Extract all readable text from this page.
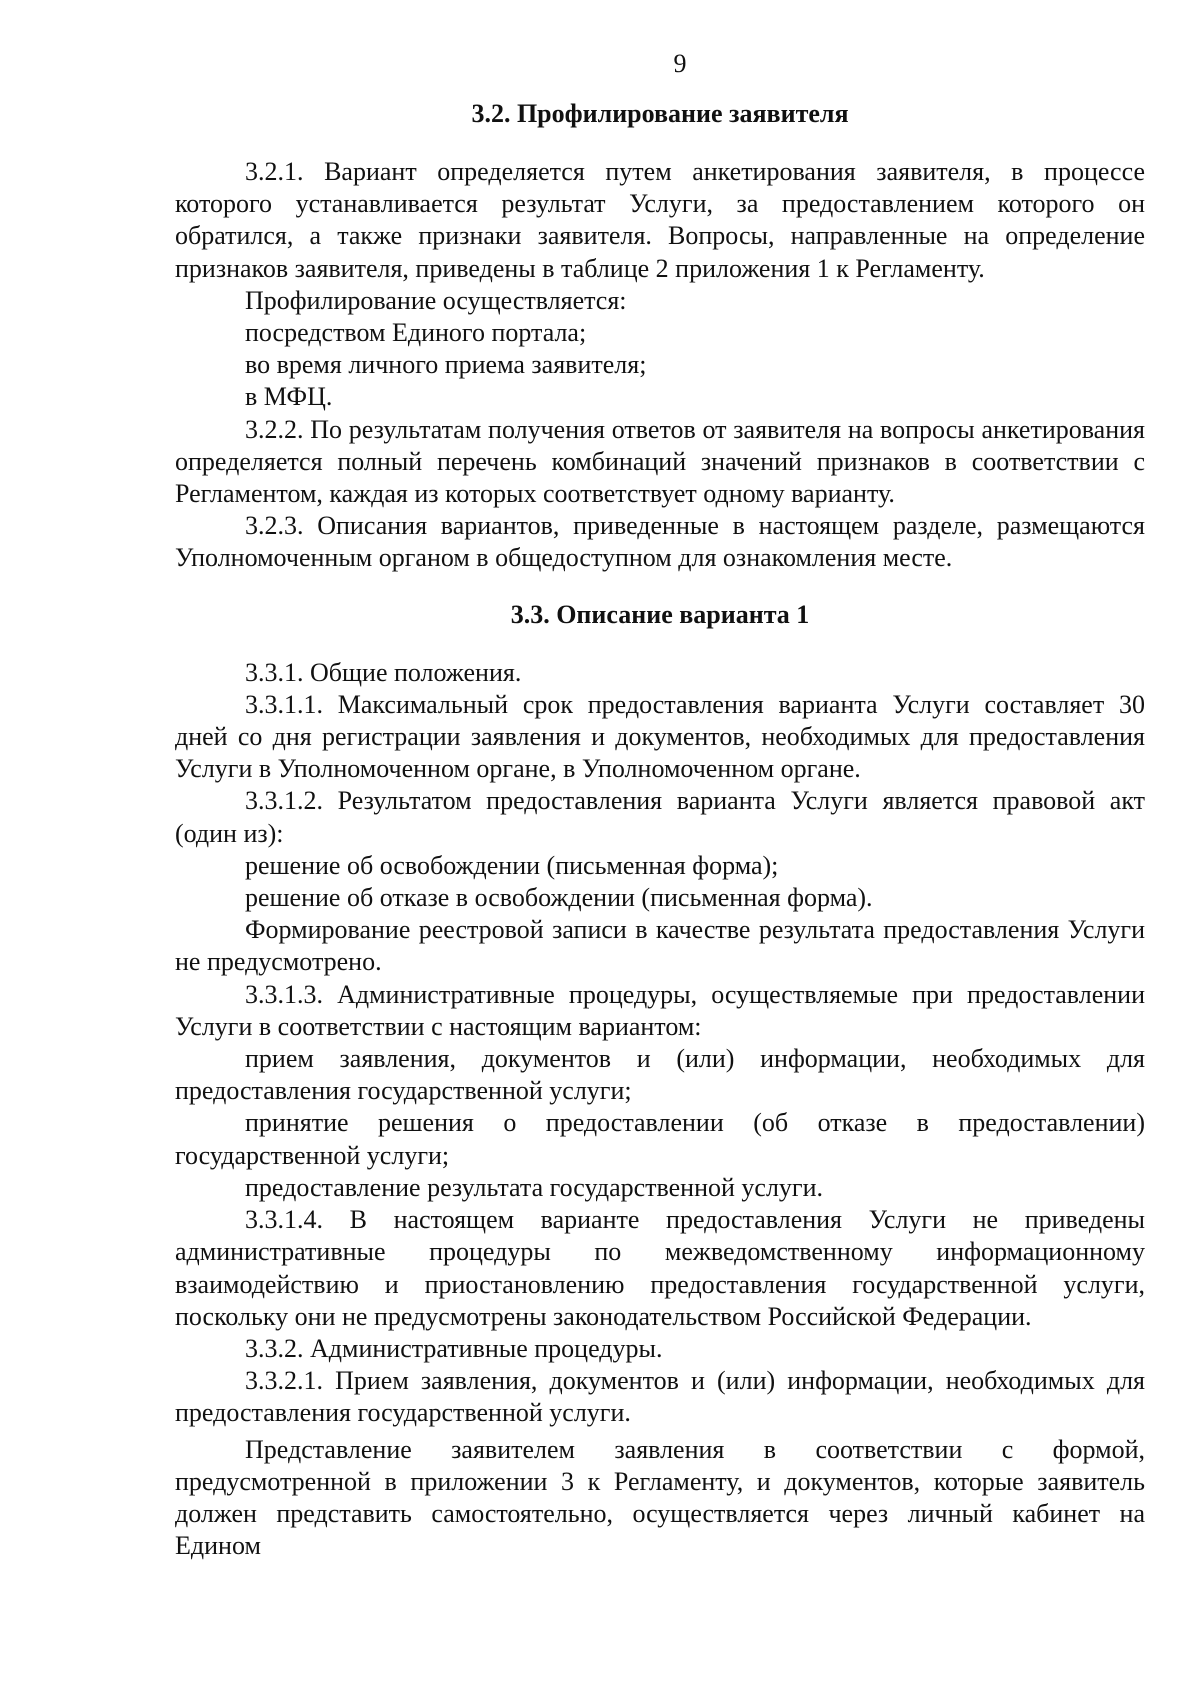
9
3.2. Профилирование заявителя

3.2.1. Вариант определяется путем анкетирования заявителя, в процессе которого устанавливается результат Услуги, за предоставлением которого он обратился, а также признаки заявителя. Вопросы, направленные на определение признаков заявителя, приведены в таблице 2 приложения 1 к Регламенту.

Профилирование осуществляется:

посредством Единого портала;

во время личного приема заявителя;

в МФЦ.

3.2.2. По результатам получения ответов от заявителя на вопросы анкетирования определяется полный перечень комбинаций значений признаков в соответствии с Регламентом, каждая из которых соответствует одному варианту.

3.2.3. Описания вариантов, приведенные в настоящем разделе, размещаются Уполномоченным органом в общедоступном для ознакомления месте.

3.3. Описание варианта 1

3.3.1. Общие положения.

3.3.1.1. Максимальный срок предоставления варианта Услуги составляет 30 дней со дня регистрации заявления и документов, необходимых для предоставления Услуги в Уполномоченном органе, в Уполномоченном органе.

3.3.1.2. Результатом предоставления варианта Услуги является правовой акт (один из):

решение об освобождении (письменная форма);

решение об отказе в освобождении (письменная форма).

Формирование реестровой записи в качестве результата предоставления Услуги не предусмотрено.

3.3.1.3. Административные процедуры, осуществляемые при предоставлении Услуги в соответствии с настоящим вариантом:

прием заявления, документов и (или) информации, необходимых для предоставления государственной услуги;

принятие решения о предоставлении (об отказе в предоставлении) государственной услуги;

предоставление результата государственной услуги.

3.3.1.4. В настоящем варианте предоставления Услуги не приведены административные процедуры по межведомственному информационному взаимодействию и приостановлению предоставления государственной услуги, поскольку они не предусмотрены законодательством Российской Федерации.

3.3.2. Административные процедуры.

3.3.2.1. Прием заявления, документов и (или) информации, необходимых для предоставления государственной услуги.

Представление заявителем заявления в соответствии с формой, предусмотренной в приложении 3 к Регламенту, и документов, которые заявитель должен представить самостоятельно, осуществляется через личный кабинет на Едином
